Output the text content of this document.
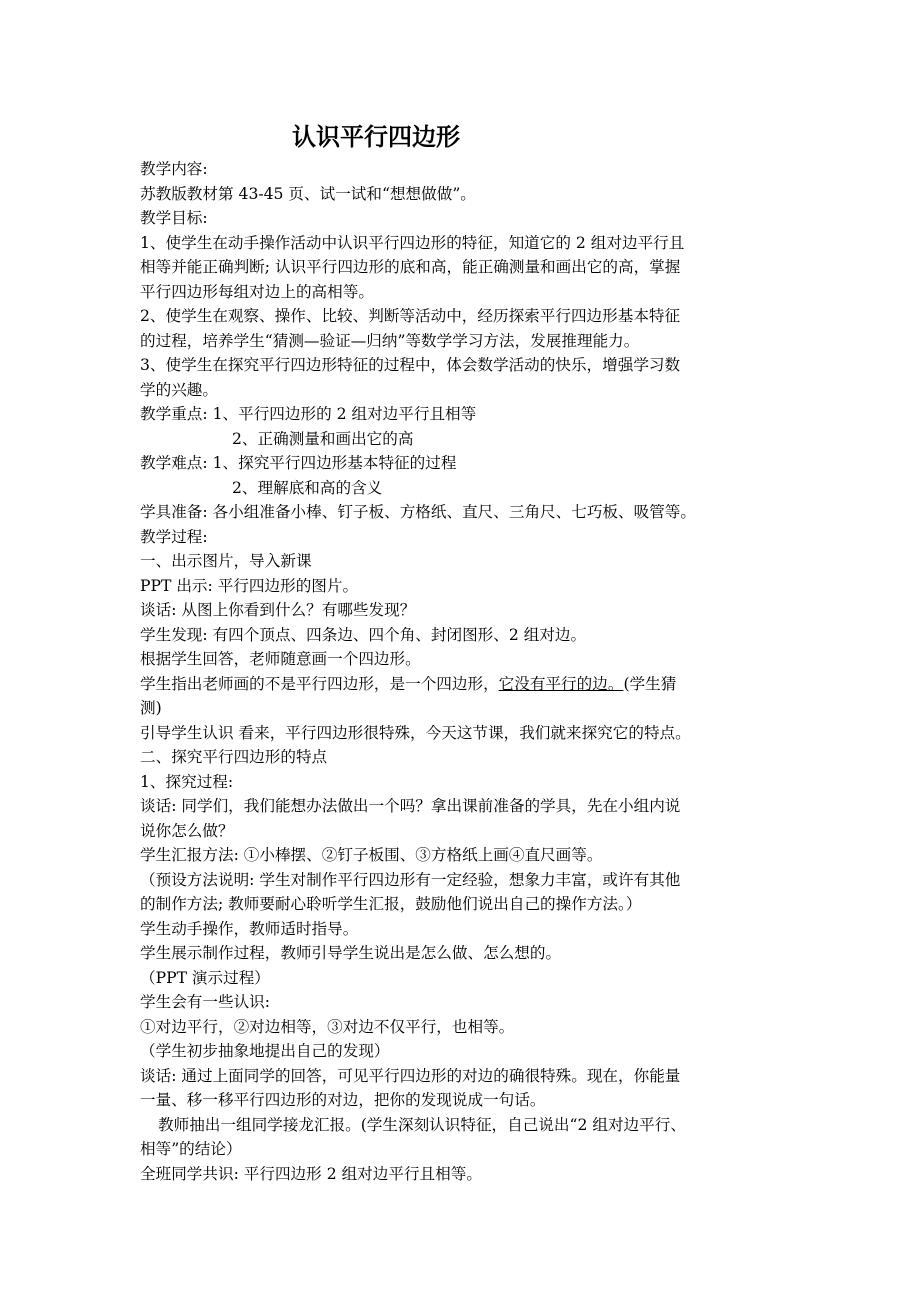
认识平行四边形
教学内容:
苏教版教材第 43-45 页、试一试和“想想做做”。
教学目标:
1、使学生在动手操作活动中认识平行四边形的特征，知道它的 2 组对边平行且
相等并能正确判断; 认识平行四边形的底和高，能正确测量和画出它的高，掌握
平行四边形每组对边上的高相等。
2、使学生在观察、操作、比较、判断等活动中，经历探索平行四边形基本特征
的过程，培养学生“猜测—验证—归纳”等数学学习方法，发展推理能力。
3、使学生在探究平行四边形特征的过程中，体会数学活动的快乐，增强学习数
学的兴趣。
教学重点: 1、平行四边形的 2 组对边平行且相等
2、正确测量和画出它的高
教学难点: 1、探究平行四边形基本特征的过程
2、理解底和高的含义
学具准备: 各小组准备小棒、钉子板、方格纸、直尺、三角尺、七巧板、吸管等。
教学过程:
一、出示图片，导入新课
PPT 出示: 平行四边形的图片。
谈话: 从图上你看到什么？有哪些发现？
学生发现: 有四个顶点、四条边、四个角、封闭图形、2 组对边。
根据学生回答，老师随意画一个四边形。
学生指出老师画的不是平行四边形，是一个四边形，它没有平行的边。(学生猜
测)
引导学生认识 看来，平行四边形很特殊，今天这节课，我们就来探究它的特点。
二、探究平行四边形的特点
1、探究过程:
谈话: 同学们，我们能想办法做出一个吗？拿出课前准备的学具，先在小组内说
说你怎么做？
学生汇报方法: ①小棒摆、②钉子板围、③方格纸上画④直尺画等。
（预设方法说明: 学生对制作平行四边形有一定经验，想象力丰富，或许有其他
的制作方法; 教师要耐心聆听学生汇报，鼓励他们说出自己的操作方法。）
学生动手操作，教师适时指导。
学生展示制作过程，教师引导学生说出是怎么做、怎么想的。
（PPT 演示过程）
学生会有一些认识:
①对边平行，②对边相等，③对边不仅平行，也相等。
（学生初步抽象地提出自己的发现）
谈话: 通过上面同学的回答，可见平行四边形的对边的确很特殊。现在，你能量
一量、移一移平行四边形的对边，把你的发现说成一句话。
教师抽出一组同学接龙汇报。(学生深刻认识特征，自己说出“2 组对边平行、
相等”的结论）
全班同学共识: 平行四边形 2 组对边平行且相等。
